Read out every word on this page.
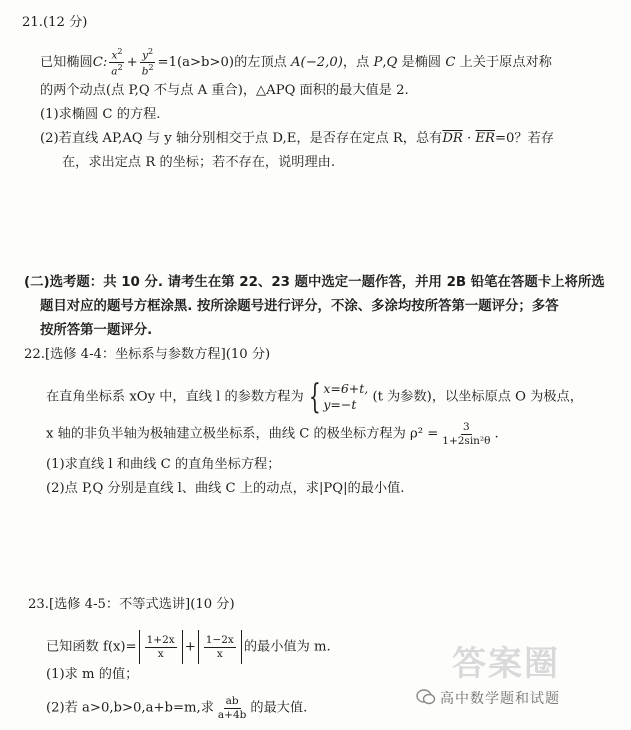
21.(12 分)
已知椭圆C: $\frac{x^2}{a^2} + \frac{y^2}{b^2} =1(a>b>0)$的左顶点 A(−2,0)，点 P,Q 是椭圆 C 上关于原点对称
的两个动点(点 P,Q 不与点 A 重合)，△APQ 面积的最大值是 2.
(1)求椭圆 C 的方程.
(2)若直线 AP,AQ 与 y 轴分别相交于点 D,E，是否存在定点 R，总有$\overline{DR} \cdot \overline{ER}=0$？若存
在，求出定点 R 的坐标；若不存在，说明理由.
(二)选考题：共 10 分. 请考生在第 22、23 题中选定一题作答，并用 2B 铅笔在答题卡上将所选
题目对应的题号方框涂黑. 按所涂题号进行评分，不涂、多涂均按所答第一题评分；多答
按所答第一题评分.
22.[选修 4-4：坐标系与参数方程](10 分)
在直角坐标系 xOy 中，直线 l 的参数方程为 { x=6+t,
y=−t	(t 为参数)，以坐标原点 O 为极点，
x 轴的非负半轴为极轴建立极坐标系，曲线 C 的极坐标方程为 $\rho^2 = \frac{3}{\text{1+2sin²θ}}$ .
(1)求直线 l 和曲线 C 的直角坐标方程；
(2)点 P,Q 分别是直线 l、曲线 C 上的动点，求|PQ|的最小值.
23.[选修 4-5：不等式选讲](10 分)
已知函数 $f(x)= \frac{1+2x}{x} + \frac{1-2x}{x}$ 的最小值为 m.
(1)求 m 的值；
(2)若 a>0,b>0,a+b=m,求 $\frac{ab}{a+4b}$ 的最大值.
答案圈
高中数学题和试题
